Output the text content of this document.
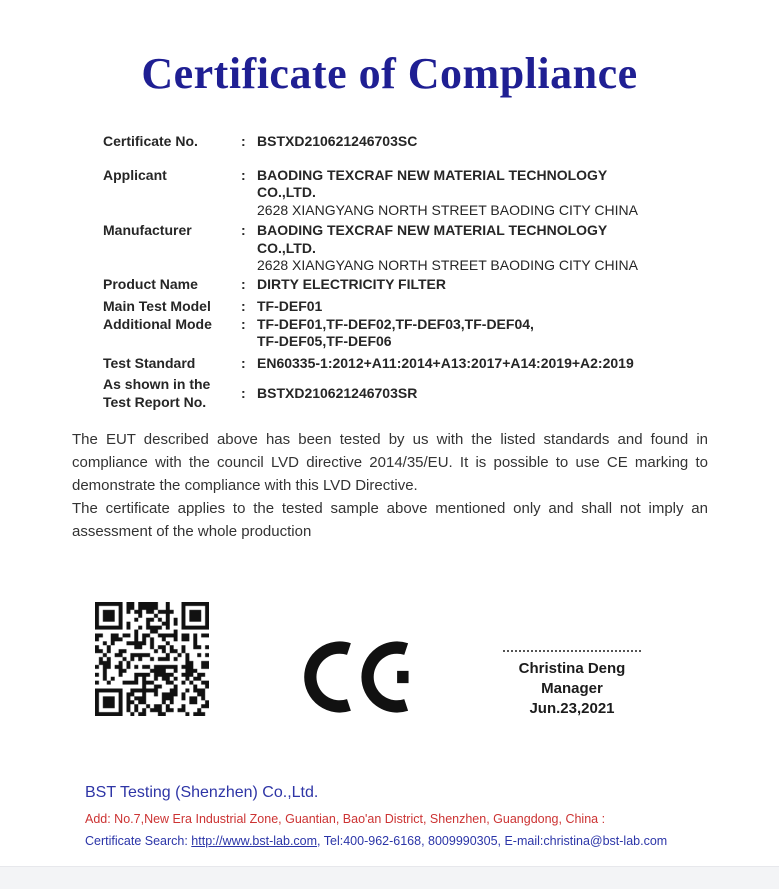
Certificate of Compliance
Certificate No.	: BSTXD210621246703SC
Applicant	: BAODING TEXCRAF NEW MATERIAL TECHNOLOGY
CO.,LTD.
2628 XIANGYANG NORTH STREET BAODING CITY CHINA
Manufacturer	: BAODING TEXCRAF NEW MATERIAL TECHNOLOGY
CO.,LTD.
2628 XIANGYANG NORTH STREET BAODING CITY CHINA
Product Name	: DIRTY ELECTRICITY FILTER
Main Test Model	: TF-DEF01
Additional Mode	: TF-DEF01,TF-DEF02,TF-DEF03,TF-DEF04,
TF-DEF05,TF-DEF06
Test Standard	: EN60335-1:2012+A11:2014+A13:2017+A14:2019+A2:2019
As shown in the Test Report No.
: BSTXD210621246703SR

The EUT described above has been tested by us with the listed standards and found in compliance with the council LVD directive 2014/35/EU. It is possible to use CE marking to demonstrate the compliance with this LVD Directive.

The certificate applies to the tested sample above mentioned only and shall not imply an assessment of the whole production

Christina Deng
Manager
Jun.23,2021
BST Testing (Shenzhen) Co.,Ltd.
Add: No.7,New Era Industrial Zone, Guantian, Bao'an District, Shenzhen, Guangdong, China :
Certificate Search: http://www.bst-lab.com, Tel:400-962-6168, 8009990305, E-mail:christina@bst-lab.com
